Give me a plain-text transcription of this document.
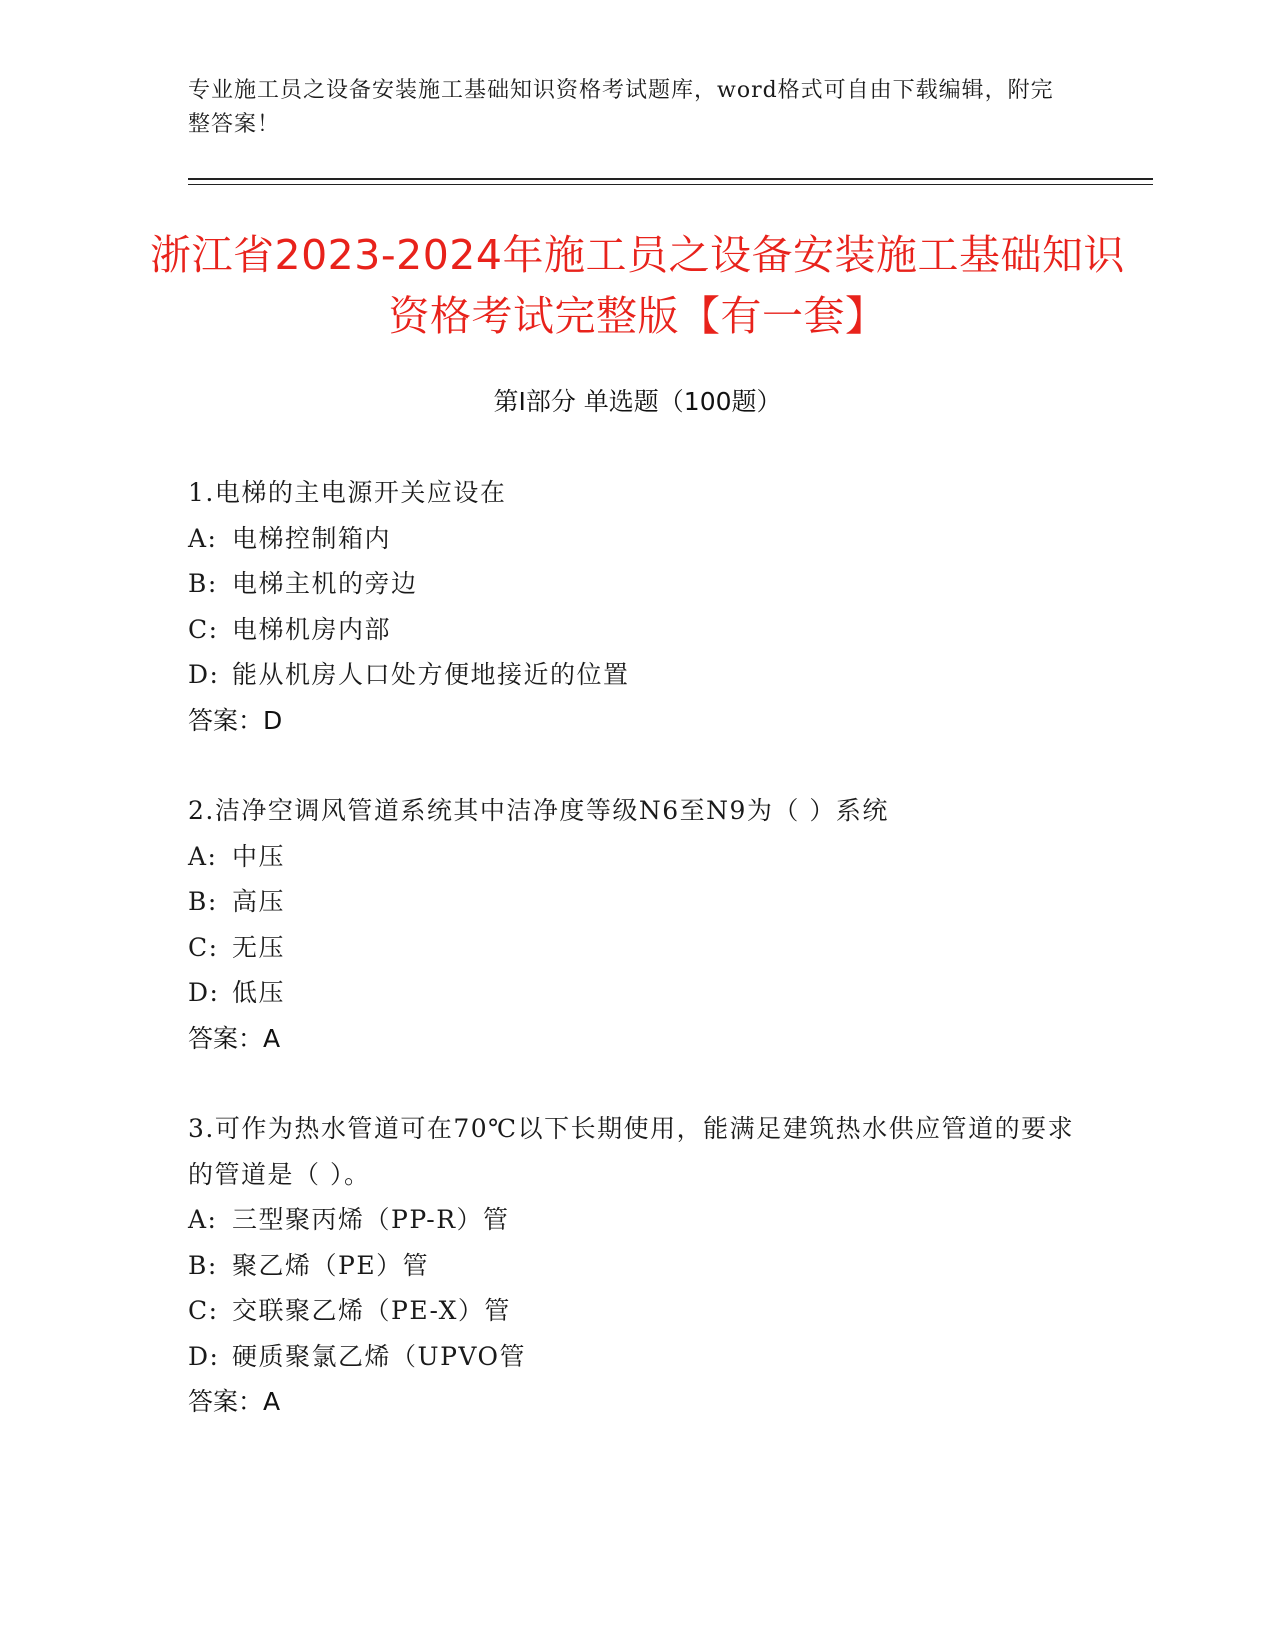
专业施工员之设备安装施工基础知识资格考试题库，word格式可自由下载编辑，附完整答案！
浙江省2023-2024年施工员之设备安装施工基础知识资格考试完整版【有一套】
第I部分 单选题（100题）
1.电梯的主电源开关应设在
A: 电梯控制箱内
B: 电梯主机的旁边
C: 电梯机房内部
D: 能从机房人口处方便地接近的位置
答案：D
2.洁净空调风管道系统其中洁净度等级N6至N9为（ ）系统
A: 中压
B: 高压
C: 无压
D: 低压
答案：A
3.可作为热水管道可在70℃以下长期使用，能满足建筑热水供应管道的要求的管道是（ ）。
A: 三型聚丙烯（PP-R）管
B: 聚乙烯（PE）管
C: 交联聚乙烯（PE-X）管
D: 硬质聚氯乙烯（UPVO管
答案：A
